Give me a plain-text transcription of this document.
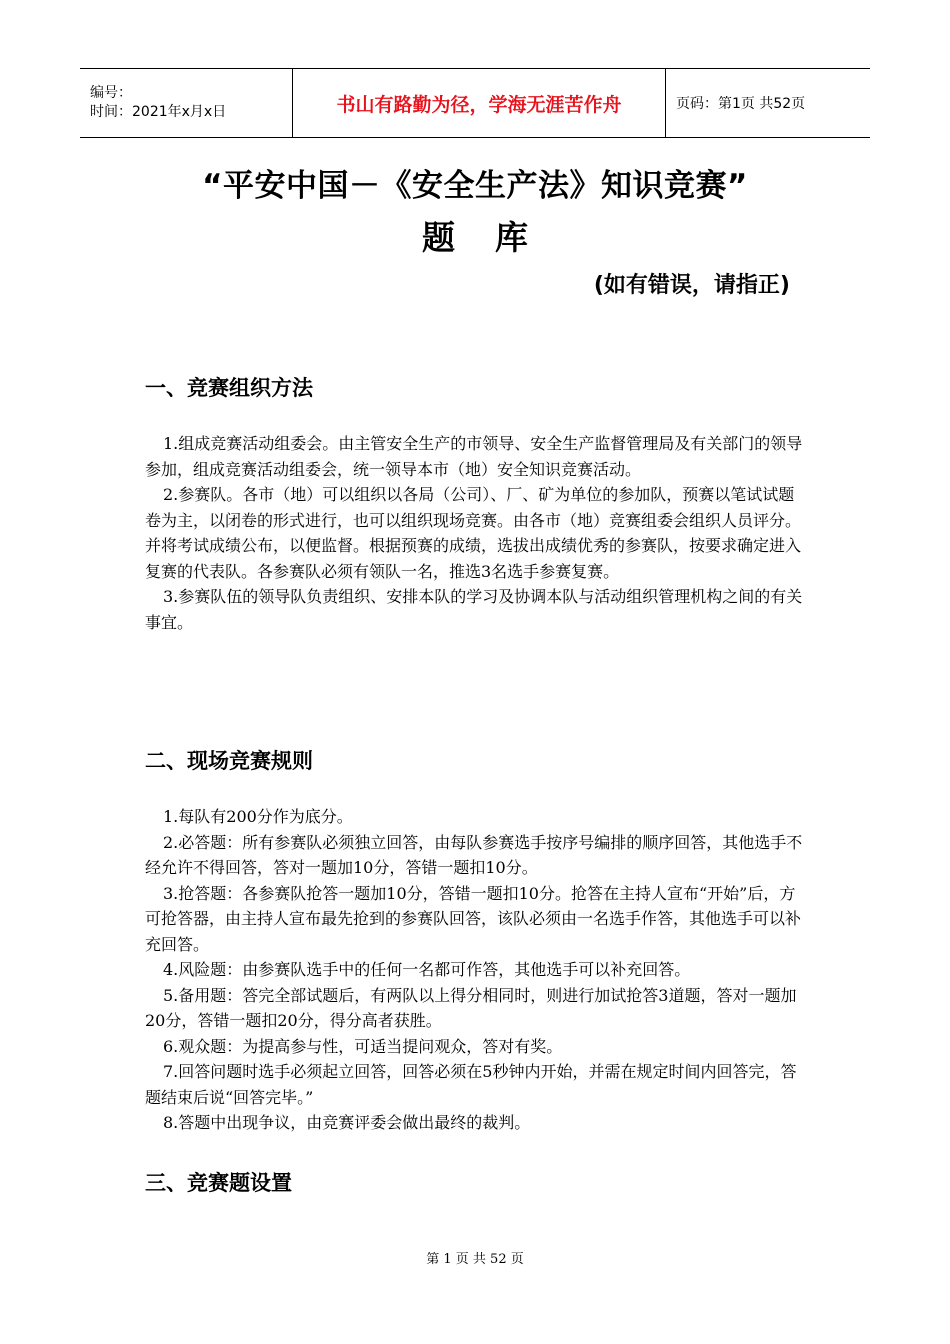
编号：
时间：2021年x月x日	书山有路勤为径，学海无涯苦作舟	页码：第1页 共52页
“平安中国－《安全生产法》知识竞赛”
题库
(如有错误，请指正)
一、竞赛组织方法

1.组成竞赛活动组委会。由主管安全生产的市领导、安全生产监督管理局及有关部门的领导参加，组成竞赛活动组委会，统一领导本市（地）安全知识竞赛活动。

2.参赛队。各市（地）可以组织以各局（公司）、厂、矿为单位的参加队，预赛以笔试试题卷为主，以闭卷的形式进行，也可以组织现场竞赛。由各市（地）竞赛组委会组织人员评分。并将考试成绩公布，以便监督。根据预赛的成绩，选拔出成绩优秀的参赛队，按要求确定进入复赛的代表队。各参赛队必须有领队一名，推选3名选手参赛复赛。

3.参赛队伍的领导队负责组织、安排本队的学习及协调本队与活动组织管理机构之间的有关事宜。

二、现场竞赛规则

1.每队有200分作为底分。

2.必答题：所有参赛队必须独立回答，由每队参赛选手按序号编排的顺序回答，其他选手不经允许不得回答，答对一题加10分，答错一题扣10分。

3.抢答题：各参赛队抢答一题加10分，答错一题扣10分。抢答在主持人宣布“开始”后，方可抢答器，由主持人宣布最先抢到的参赛队回答，该队必须由一名选手作答，其他选手可以补充回答。

4.风险题：由参赛队选手中的任何一名都可作答，其他选手可以补充回答。

5.备用题：答完全部试题后，有两队以上得分相同时，则进行加试抢答3道题，答对一题加20分，答错一题扣20分，得分高者获胜。

6.观众题：为提高参与性，可适当提问观众，答对有奖。

7.回答问题时选手必须起立回答，回答必须在5秒钟内开始，并需在规定时间内回答完，答题结束后说“回答完毕。”

8.答题中出现争议，由竞赛评委会做出最终的裁判。

三、竞赛题设置
第 1 页 共 52 页
